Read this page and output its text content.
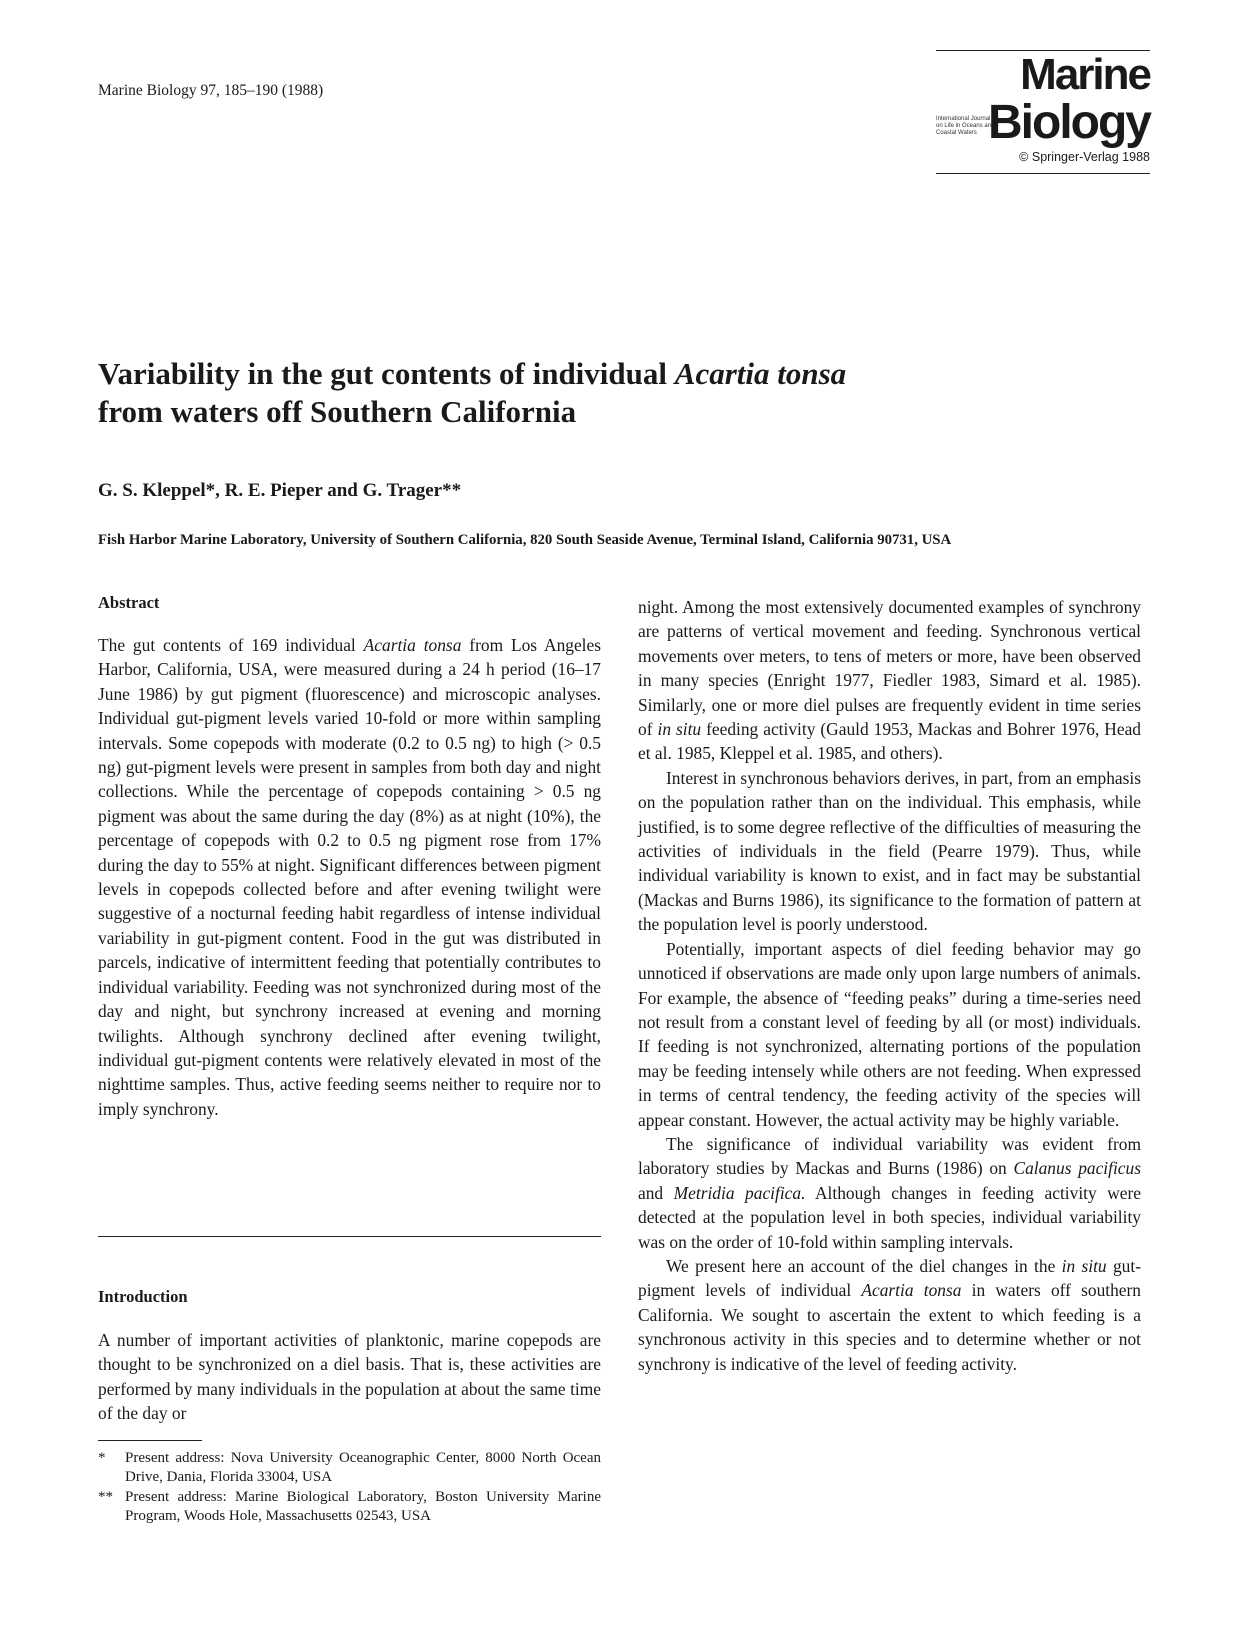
Marine Biology 97, 185–190 (1988)	Marine
International Journal on Life in Oceans and Coastal Waters Biology
© Springer-Verlag 1988
Variability in the gut contents of individual Acartia tonsa
from waters off Southern California
G. S. Kleppel*, R. E. Pieper and G. Trager**
Fish Harbor Marine Laboratory, University of Southern California, 820 South Seaside Avenue, Terminal Island, California 90731, USA
Abstract

The gut contents of 169 individual Acartia tonsa from Los Angeles Harbor, California, USA, were measured during a 24 h period (16–17 June 1986) by gut pigment (fluorescence) and microscopic analyses. Individual gut-pigment levels varied 10-fold or more within sampling intervals. Some copepods with moderate (0.2 to 0.5 ng) to high (> 0.5 ng) gut-pigment levels were present in samples from both day and night collections. While the percentage of copepods containing > 0.5 ng pigment was about the same during the day (8%) as at night (10%), the percentage of copepods with 0.2 to 0.5 ng pigment rose from 17% during the day to 55% at night. Significant differences between pigment levels in copepods collected before and after evening twilight were suggestive of a nocturnal feeding habit regardless of intense individual variability in gut-pigment content. Food in the gut was distributed in parcels, indicative of intermittent feeding that potentially contributes to individual variability. Feeding was not synchronized during most of the day and night, but synchrony increased at evening and morning twilights. Although synchrony declined after evening twilight, individual gut-pigment contents were relatively elevated in most of the nighttime samples. Thus, active feeding seems neither to require nor to imply synchrony.

Introduction

A number of important activities of planktonic, marine copepods are thought to be synchronized on a diel basis. That is, these activities are performed by many individuals in the population at about the same time of the day or

*	Present address: Nova University Oceanographic Center, 8000 North Ocean Drive, Dania, Florida 33004, USA
** Present address: Marine Biological Laboratory, Boston University Marine Program, Woods Hole, Massachusetts 02543, USA

night. Among the most extensively documented examples of synchrony are patterns of vertical movement and feeding. Synchronous vertical movements over meters, to tens of meters or more, have been observed in many species (Enright 1977, Fiedler 1983, Simard et al. 1985). Similarly, one or more diel pulses are frequently evident in time series of in situ feeding activity (Gauld 1953, Mackas and Bohrer 1976, Head et al. 1985, Kleppel et al. 1985, and others).

Interest in synchronous behaviors derives, in part, from an emphasis on the population rather than on the individual. This emphasis, while justified, is to some degree reflective of the difficulties of measuring the activities of individuals in the field (Pearre 1979). Thus, while individual variability is known to exist, and in fact may be substantial (Mackas and Burns 1986), its significance to the formation of pattern at the population level is poorly understood.

Potentially, important aspects of diel feeding behavior may go unnoticed if observations are made only upon large numbers of animals. For example, the absence of “feeding peaks” during a time-series need not result from a constant level of feeding by all (or most) individuals. If feeding is not synchronized, alternating portions of the population may be feeding intensely while others are not feeding. When expressed in terms of central tendency, the feeding activity of the species will appear constant. However, the actual activity may be highly variable.

The significance of individual variability was evident from laboratory studies by Mackas and Burns (1986) on Calanus pacificus and Metridia pacifica. Although changes in feeding activity were detected at the population level in both species, individual variability was on the order of 10-fold within sampling intervals.

We present here an account of the diel changes in the in situ gut-pigment levels of individual Acartia tonsa in waters off southern California. We sought to ascertain the extent to which feeding is a synchronous activity in this species and to determine whether or not synchrony is indicative of the level of feeding activity.
